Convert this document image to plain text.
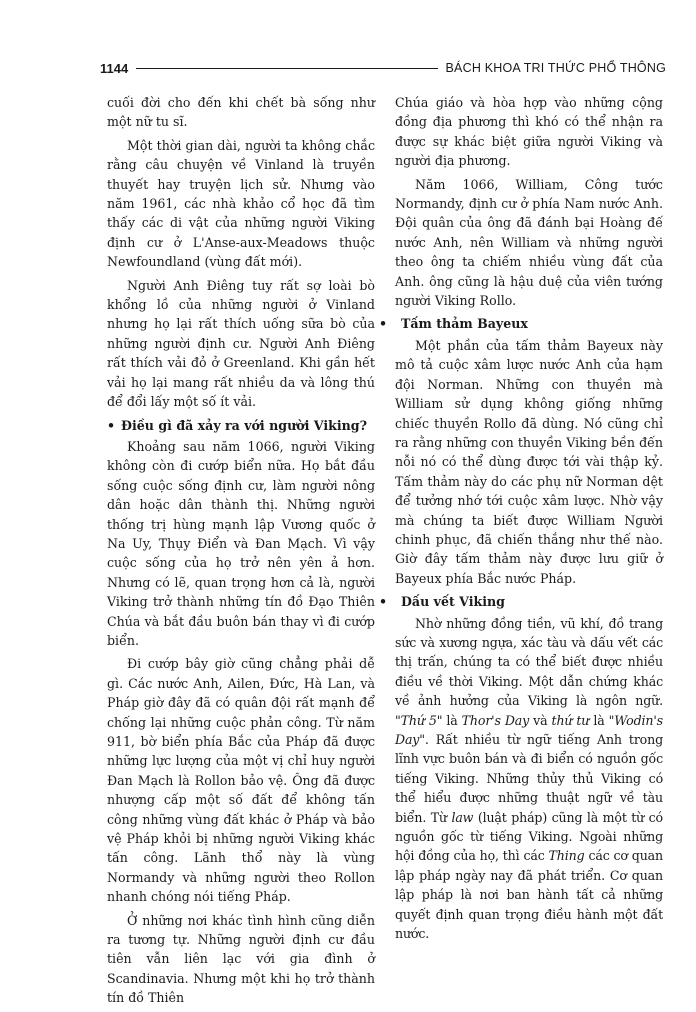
1144	BÁCH KHOA TRI THỨC PHỔ THÔNG

cuối đời cho đến khi chết bà sống như một nữ tu sĩ.

Một thời gian dài, người ta không chắc rằng câu chuyện về Vinland là truyền thuyết hay truyện lịch sử. Nhưng vào năm 1961, các nhà khảo cổ học đã tìm thấy các di vật của những người Viking định cư ở L'Anse-aux-Meadows thuộc Newfoundland (vùng đất mới).

Người Anh Điêng tuy rất sợ loài bò khổng lồ của những người ở Vinland nhưng họ lại rất thích uống sữa bò của những người định cư. Người Anh Điêng rất thích vải đỏ ở Greenland. Khi gần hết vải họ lại mang rất nhiều da và lông thú để đổi lấy một số ít vải.

• Điều gì đã xảy ra với người Viking?

Khoảng sau năm 1066, người Viking không còn đi cướp biển nữa. Họ bắt đầu sống cuộc sống định cư, làm người nông dân hoặc dân thành thị. Những người thống trị hùng mạnh lập Vương quốc ở Na Uy, Thụy Điển và Đan Mạch. Vì vậy cuộc sống của họ trở nên yên ả hơn. Nhưng có lẽ, quan trọng hơn cả là, người Viking trở thành những tín đồ Đạo Thiên Chúa và bắt đầu buôn bán thay vì đi cướp biển.

Đi cướp bây giờ cũng chẳng phải dễ gì. Các nước Anh, Ailen, Đức, Hà Lan, và Pháp giờ đây đã có quân đội rất mạnh để chống lại những cuộc phản công. Từ năm 911, bờ biển phía Bắc của Pháp đã được những lực lượng của một vị chỉ huy người Đan Mạch là Rollon bảo vệ. Ông đã được nhượng cấp một số đất để không tấn công những vùng đất khác ở Pháp và bảo vệ Pháp khỏi bị những người Viking khác tấn công. Lãnh thổ này là vùng Normandy và những người theo Rollon nhanh chóng nói tiếng Pháp.

Ở những nơi khác tình hình cũng diễn ra tương tự. Những người định cư đầu tiên vẫn liên lạc với gia đình ở Scandinavia. Nhưng một khi họ trở thành tín đồ Thiên

Chúa giáo và hòa hợp vào những cộng đồng địa phương thì khó có thể nhận ra được sự khác biệt giữa người Viking và người địa phương.

Năm 1066, William, Công tước Normandy, định cư ở phía Nam nước Anh. Đội quân của ông đã đánh bại Hoàng đế nước Anh, nên William và những người theo ông ta chiếm nhiều vùng đất của Anh. ông cũng là hậu duệ của viên tướng người Viking Rollo.

• Tấm thảm Bayeux

Một phần của tấm thảm Bayeux này mô tả cuộc xâm lược nước Anh của hạm đội Norman. Những con thuyền mà William sử dụng không giống những chiếc thuyền Rollo đã dùng. Nó cũng chỉ ra rằng những con thuyền Viking bền đến nỗi nó có thể dùng được tới vài thập kỷ. Tấm thảm này do các phụ nữ Norman dệt để tưởng nhớ tới cuộc xâm lược. Nhờ vậy mà chúng ta biết được William Người chinh phục, đã chiến thắng như thế nào. Giờ đây tấm thảm này được lưu giữ ở Bayeux phía Bắc nước Pháp.

• Dấu vết Viking

Nhờ những đồng tiền, vũ khí, đồ trang sức và xương ngựa, xác tàu và dấu vết các thị trấn, chúng ta có thể biết được nhiều điều về thời Viking. Một dẫn chứng khác về ảnh hưởng của Viking là ngôn ngữ. "Thứ 5" là Thor's Day và thứ tư là "Wodin's Day". Rất nhiều từ ngữ tiếng Anh trong lĩnh vực buôn bán và đi biển có nguồn gốc tiếng Viking. Những thủy thủ Viking có thể hiểu được những thuật ngữ về tàu biển. Từ law (luật pháp) cũng là một từ có nguồn gốc từ tiếng Viking. Ngoài những hội đồng của họ, thì các Thing các cơ quan lập pháp ngày nay đã phát triển. Cơ quan lập pháp là nơi ban hành tất cả những quyết định quan trọng điều hành một đất nước.
